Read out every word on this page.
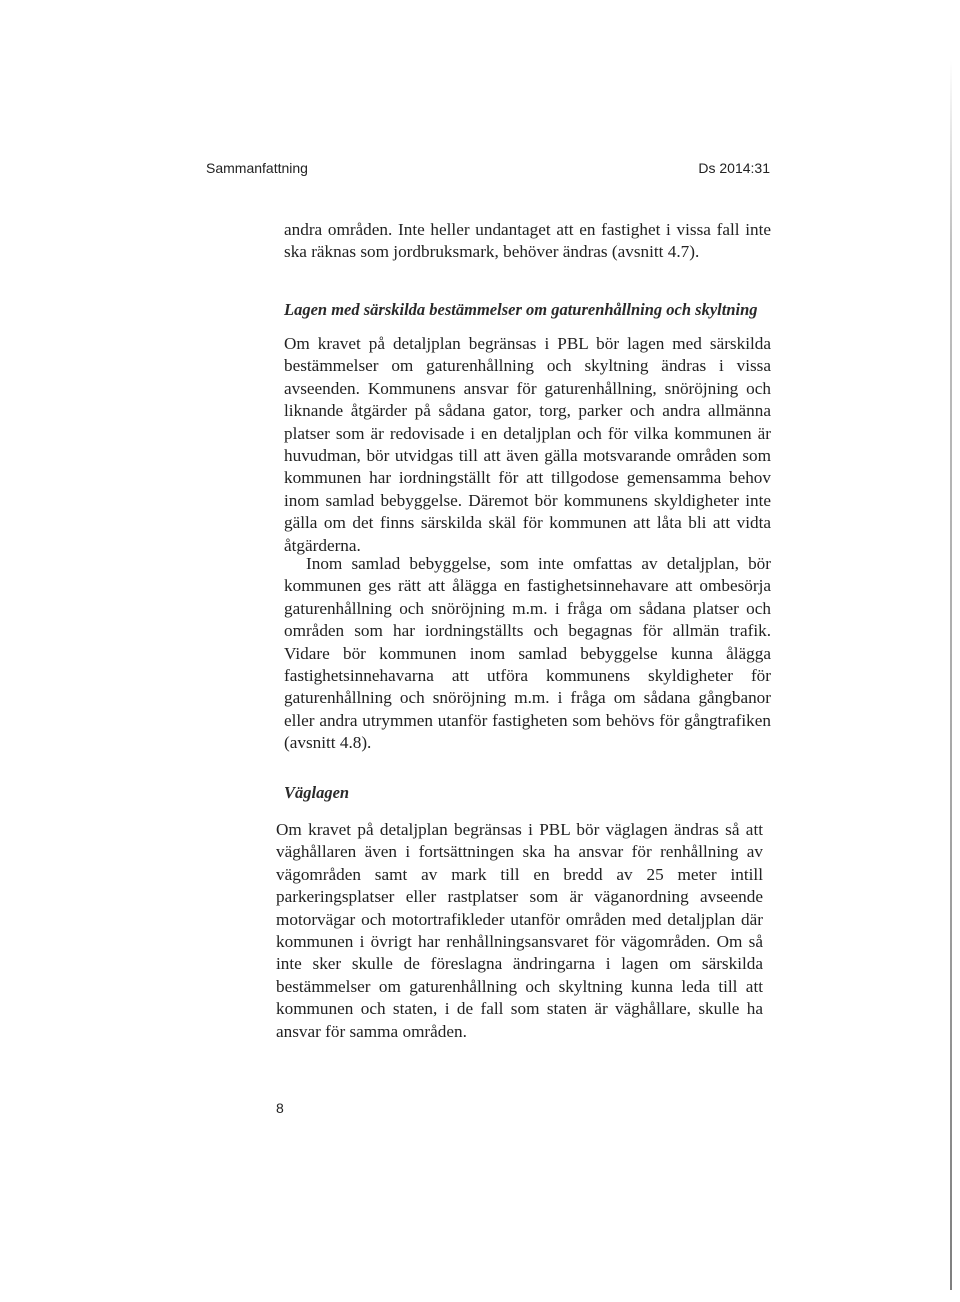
Sammanfattning	Ds 2014:31

andra områden. Inte heller undantaget att en fastighet i vissa fall inte ska räknas som jordbruksmark, behöver ändras (avsnitt 4.7).

Lagen med särskilda bestämmelser om gaturenhållning och skyltning

Om kravet på detaljplan begränsas i PBL bör lagen med särskilda bestämmelser om gaturenhållning och skyltning ändras i vissa avseenden. Kommunens ansvar för gaturenhållning, snöröjning och liknande åtgärder på sådana gator, torg, parker och andra allmänna platser som är redovisade i en detaljplan och för vilka kommunen är huvudman, bör utvidgas till att även gälla motsvarande områden som kommunen har iordningställt för att tillgodose gemensamma behov inom samlad bebyggelse. Däremot bör kommunens skyldigheter inte gälla om det finns särskilda skäl för kommunen att låta bli att vidta åtgärderna.

Inom samlad bebyggelse, som inte omfattas av detaljplan, bör kommunen ges rätt att ålägga en fastighetsinnehavare att ombesörja gaturenhållning och snöröjning m.m. i fråga om sådana platser och områden som har iordningställts och begagnas för allmän trafik. Vidare bör kommunen inom samlad bebyggelse kunna ålägga fastighetsinnehavarna att utföra kommunens skyldigheter för gaturenhållning och snöröjning m.m. i fråga om sådana gångbanor eller andra utrymmen utanför fastigheten som behövs för gångtrafiken (avsnitt 4.8).

Väglagen

Om kravet på detaljplan begränsas i PBL bör väglagen ändras så att väghållaren även i fortsättningen ska ha ansvar för renhållning av vägområden samt av mark till en bredd av 25 meter intill parkeringsplatser eller rastplatser som är väganordning avseende motorvägar och motortrafikleder utanför områden med detaljplan där kommunen i övrigt har renhållningsansvaret för vägområden. Om så inte sker skulle de föreslagna ändringarna i lagen om särskilda bestämmelser om gaturenhållning och skyltning kunna leda till att kommunen och staten, i de fall som staten är väghållare, skulle ha ansvar för samma områden.

8
